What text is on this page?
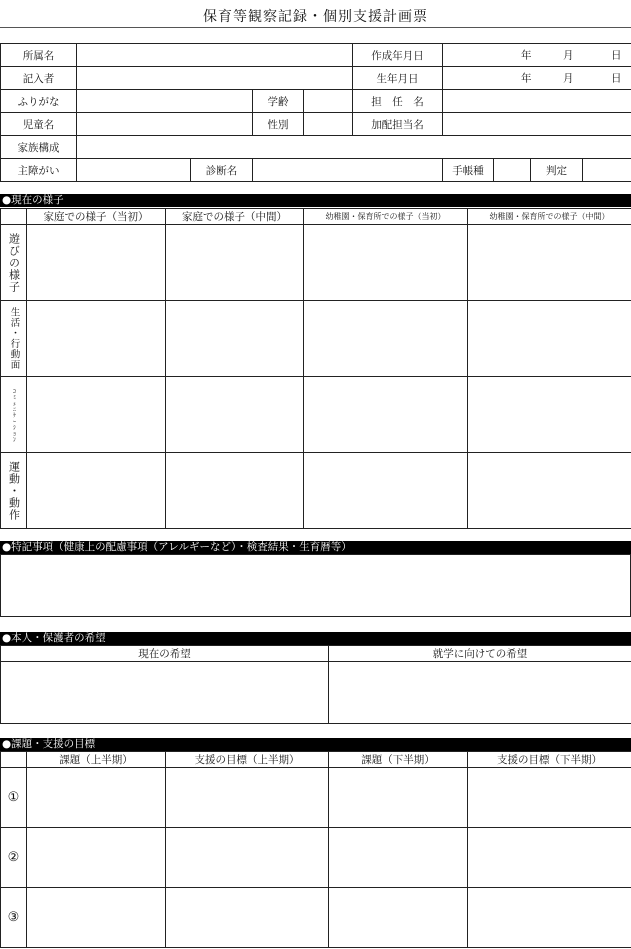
保育等観察記録・個別支援計画票
所属名					作成年月日	年 月 日			

記入者					生年月日	年 月 日			

ふりがな			学齢		担　任　名				
児童名			性別		加配担当名				
家族構成									
主障がい		診断名				手帳種		判定	
●現在の様子
	家庭での様子（当初）	家庭での様子（中間）	幼稚園・保育所での様子（当初）	幼稚園・保育所での様子（中間）

遊びの様子				

生活・行動面				

ｺﾐｭﾆｹｰｼｮﾝ				

運動・動作				

●特記事項（健康上の配慮事項（アレルギーなど）・検査結果・生育暦等）
●本人・保護者の希望
現在の希望	就学に向けての希望

●課題・支援の目標
	課題（上半期）	支援の目標（上半期）	課題（下半期）	支援の目標（下半期）
①				
②				
③				
